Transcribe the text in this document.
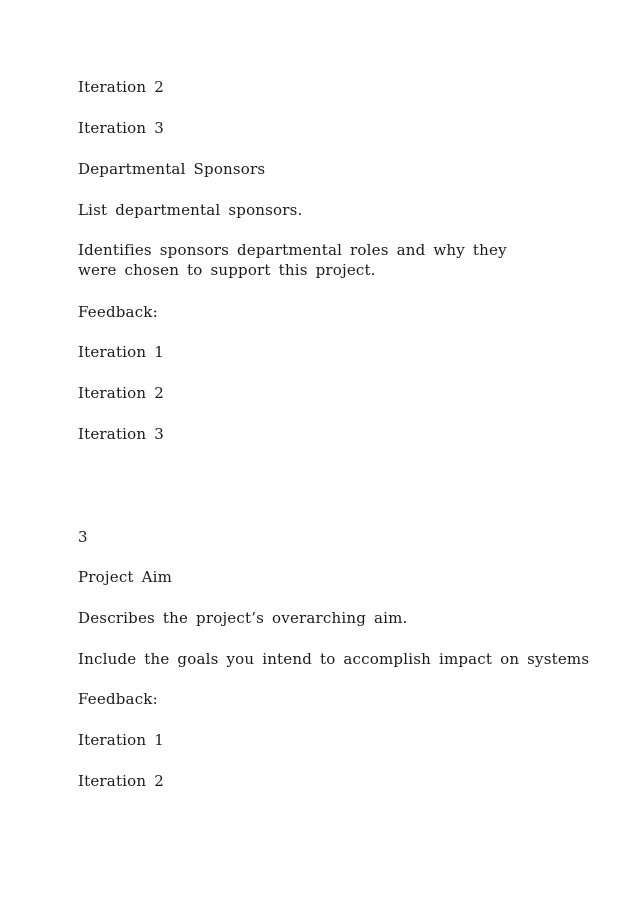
Iteration 2

Iteration 3

Departmental Sponsors

List departmental sponsors.

Identifies sponsors departmental roles and why they were chosen to support this project.

Feedback:

Iteration 1

Iteration 2

Iteration 3

3

Project Aim

Describes the project’s overarching aim.

Include the goals you intend to accomplish impact on systems

Feedback:

Iteration 1

Iteration 2
